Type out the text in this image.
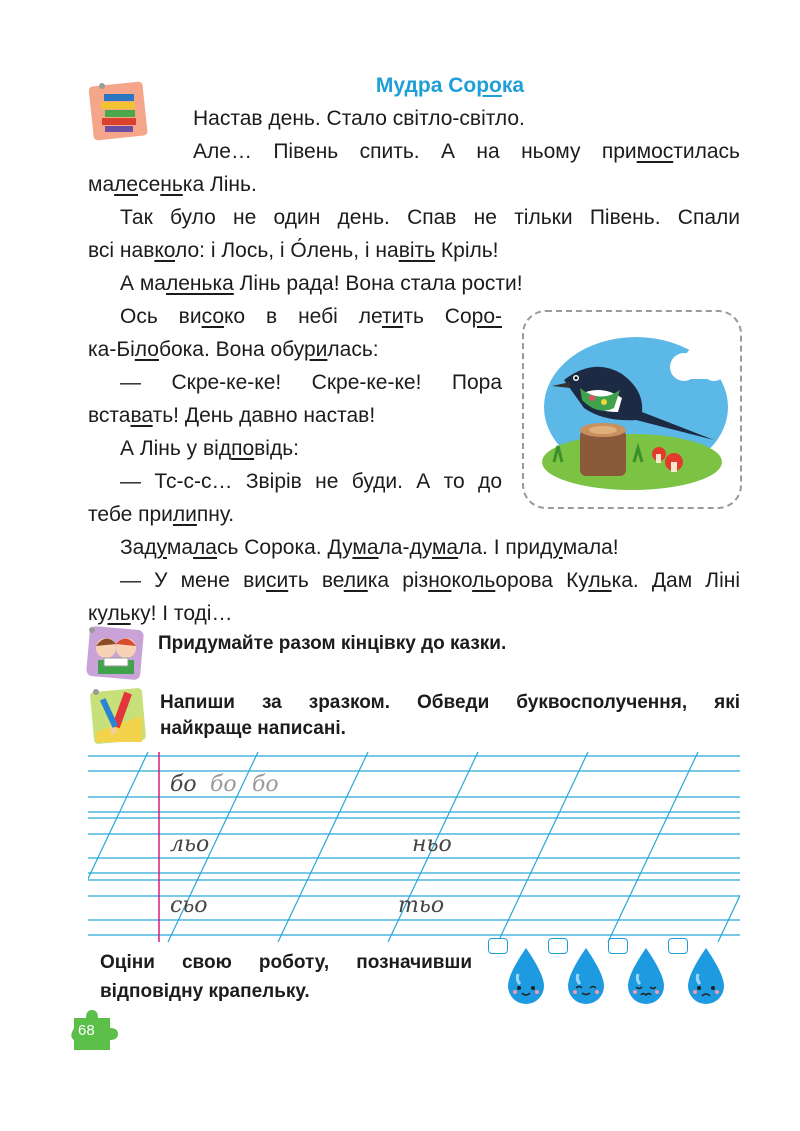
Мудра Сорока
Настав день. Стало світло-світло.
Але… Півень спить. А на ньому примостилась
малесенька Лінь.
Так було не один день. Спав не тільки Півень. Спали
всі навколо: і Лось, і О́лень, і навіть Кріль!
А маленька Лінь рада! Вона стала рости!
Ось високо в небі летить Соро-
ка-Білобока. Вона обурилась:
— Скре-ке-ке! Скре-ке-ке! Пора
вставать! День давно настав!
А Лінь у відповідь:
— Тс-с-с… Звірів не буди. А то до
тебе прилипну.
Задумалась Сорока. Думала-думала. І придумала!
— У мене висить велика різнокольорова Кулька. Дам Ліні
кульку! І тоді…
Придумайте разом кінцівку до казки.
Напиши за зразком. Обведи буквосполучення, які
найкраще написані.
бо бо бо
льо	ньо
сьо	тьо
Оціни свою роботу, позначивши
відповідну крапельку.
68
